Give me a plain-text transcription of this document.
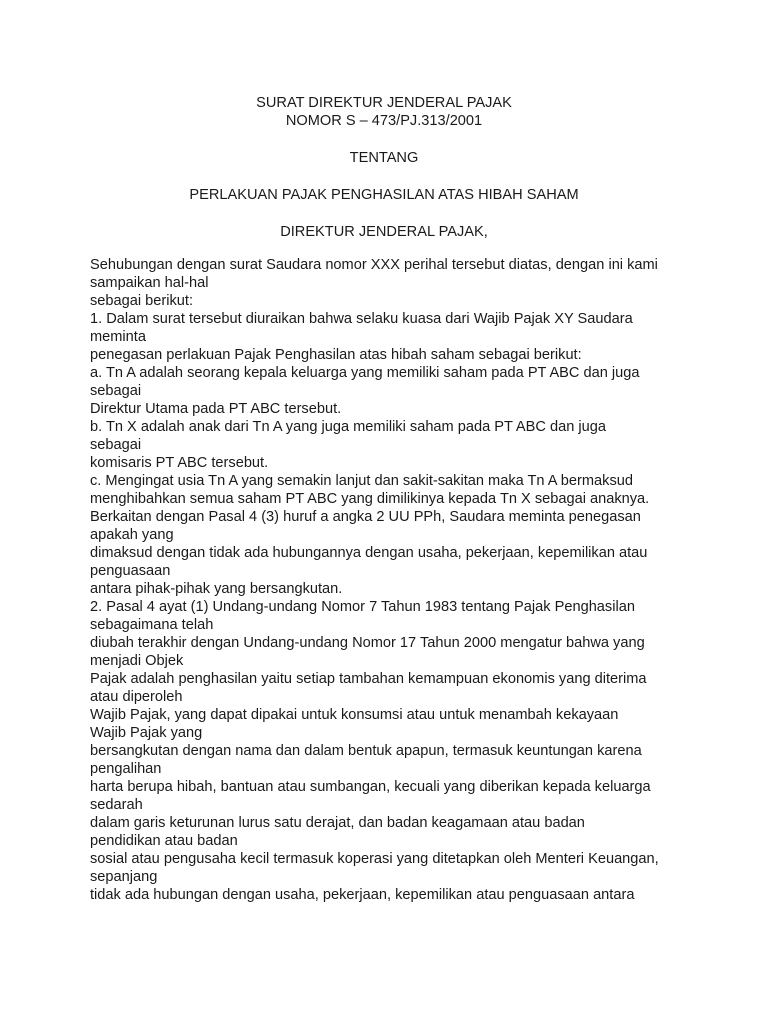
SURAT DIREKTUR JENDERAL PAJAK
NOMOR S – 473/PJ.313/2001
TENTANG
PERLAKUAN PAJAK PENGHASILAN ATAS HIBAH SAHAM
DIREKTUR JENDERAL PAJAK,
Sehubungan dengan surat Saudara nomor XXX perihal tersebut diatas, dengan ini kami
sampaikan hal-hal
sebagai berikut:
1. Dalam surat tersebut diuraikan bahwa selaku kuasa dari Wajib Pajak XY Saudara
meminta
penegasan perlakuan Pajak Penghasilan atas hibah saham sebagai berikut:
a. Tn A adalah seorang kepala keluarga yang memiliki saham pada PT ABC dan juga
sebagai
Direktur Utama pada PT ABC tersebut.
b. Tn X adalah anak dari Tn A yang juga memiliki saham pada PT ABC dan juga
sebagai
komisaris PT ABC tersebut.
c. Mengingat usia Tn A yang semakin lanjut dan sakit-sakitan maka Tn A bermaksud
menghibahkan semua saham PT ABC yang dimilikinya kepada Tn X sebagai anaknya.
Berkaitan dengan Pasal 4 (3) huruf a angka 2 UU PPh, Saudara meminta penegasan
apakah yang
dimaksud dengan tidak ada hubungannya dengan usaha, pekerjaan, kepemilikan atau
penguasaan
antara pihak-pihak yang bersangkutan.
2. Pasal 4 ayat (1) Undang-undang Nomor 7 Tahun 1983 tentang Pajak Penghasilan
sebagaimana telah
diubah terakhir dengan Undang-undang Nomor 17 Tahun 2000 mengatur bahwa yang
menjadi Objek
Pajak adalah penghasilan yaitu setiap tambahan kemampuan ekonomis yang diterima
atau diperoleh
Wajib Pajak, yang dapat dipakai untuk konsumsi atau untuk menambah kekayaan
Wajib Pajak yang
bersangkutan dengan nama dan dalam bentuk apapun, termasuk keuntungan karena
pengalihan
harta berupa hibah, bantuan atau sumbangan, kecuali yang diberikan kepada keluarga
sedarah
dalam garis keturunan lurus satu derajat, dan badan keagamaan atau badan
pendidikan atau badan
sosial atau pengusaha kecil termasuk koperasi yang ditetapkan oleh Menteri Keuangan,
sepanjang
tidak ada hubungan dengan usaha, pekerjaan, kepemilikan atau penguasaan antara
